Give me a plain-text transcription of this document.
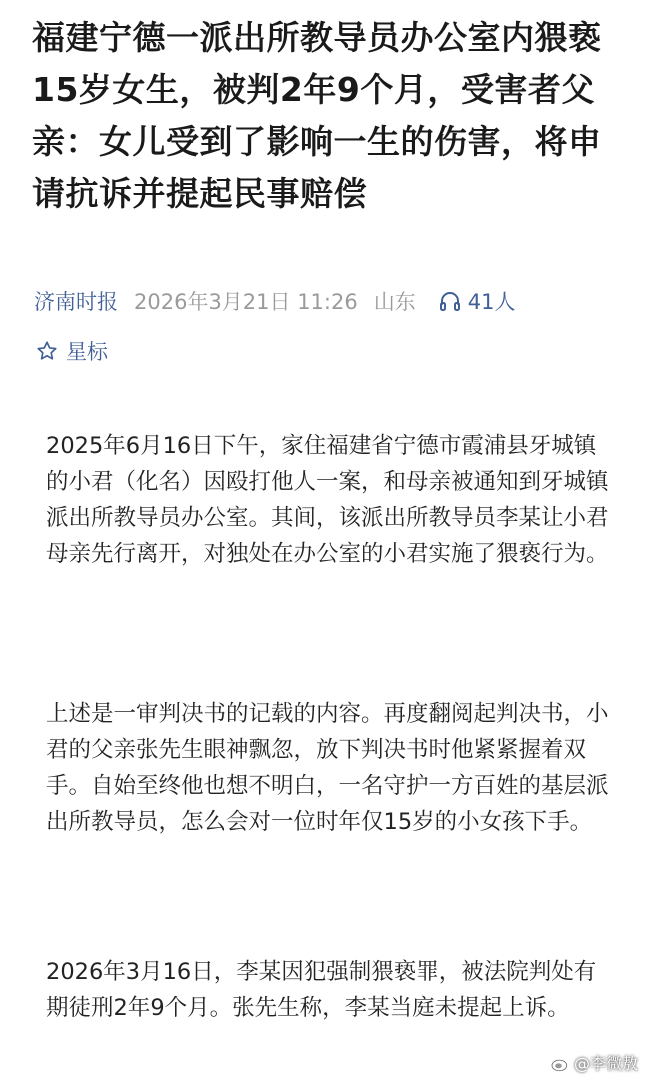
福建宁德一派出所教导员办公室内猥亵15岁女生，被判2年9个月，受害者父亲：女儿受到了影响一生的伤害，将申请抗诉并提起民事赔偿
济南时报 2026年3月21日 11:26 山东 41人
星标

2025年6月16日下午，家住福建省宁德市霞浦县牙城镇的小君（化名）因殴打他人一案，和母亲被通知到牙城镇派出所教导员办公室。其间，该派出所教导员李某让小君母亲先行离开，对独处在办公室的小君实施了猥亵行为。

上述是一审判决书的记载的内容。再度翻阅起判决书，小君的父亲张先生眼神飘忽，放下判决书时他紧紧握着双手。自始至终他也想不明白，一名守护一方百姓的基层派出所教导员，怎么会对一位时年仅15岁的小女孩下手。

2026年3月16日，李某因犯强制猥亵罪，被法院判处有期徒刑2年9个月。张先生称，李某当庭未提起上诉。

@李微敖
